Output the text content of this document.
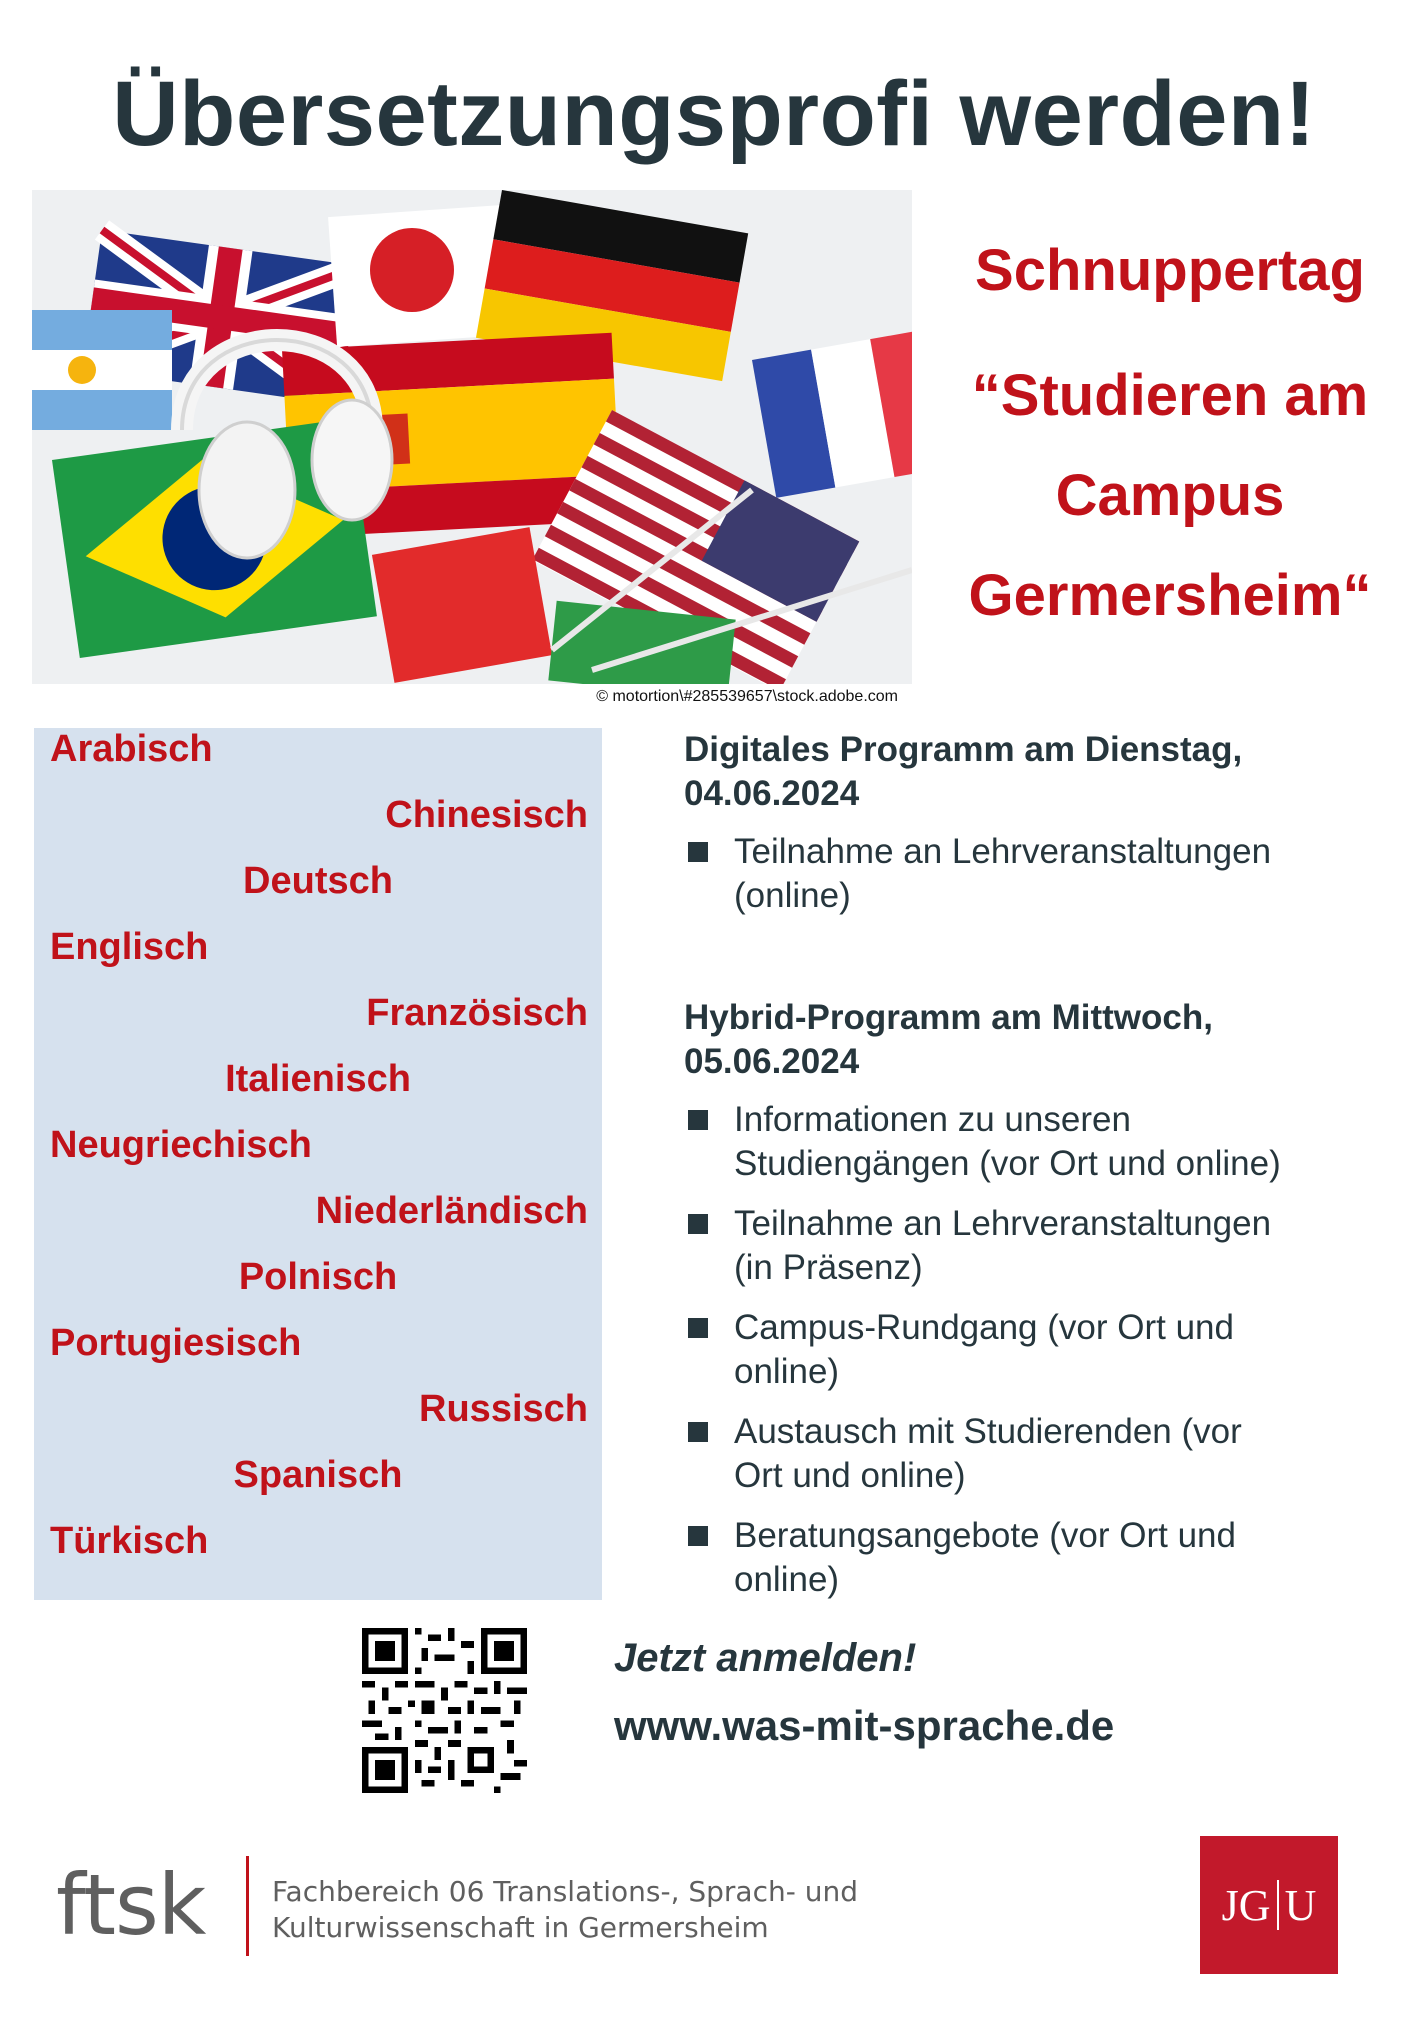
Übersetzungsprofi werden!
© motortion\#285539657\stock.adobe.com
Schnuppertag
“Studieren am
Campus
Germersheim“
Arabisch
Chinesisch
Deutsch
Englisch
Französisch
Italienisch
Neugriechisch
Niederländisch
Polnisch
Portugiesisch
Russisch
Spanisch
Türkisch
Digitales Programm am Dienstag,
04.06.2024
Teilnahme an Lehrveranstaltungen
(online)
Hybrid-Programm am Mittwoch,
05.06.2024
Informationen zu unseren
Studiengängen (vor Ort und online)
Teilnahme an Lehrveranstaltungen
(in Präsenz)
Campus-Rundgang (vor Ort und
online)
Austausch mit Studierenden (vor
Ort und online)
Beratungsangebote (vor Ort und
online)
Jetzt anmelden!
www.was-mit-sprache.de
ftsk Fachbereich 06 Translations-, Sprach- und
Kulturwissenschaft in Germersheim	JG U
